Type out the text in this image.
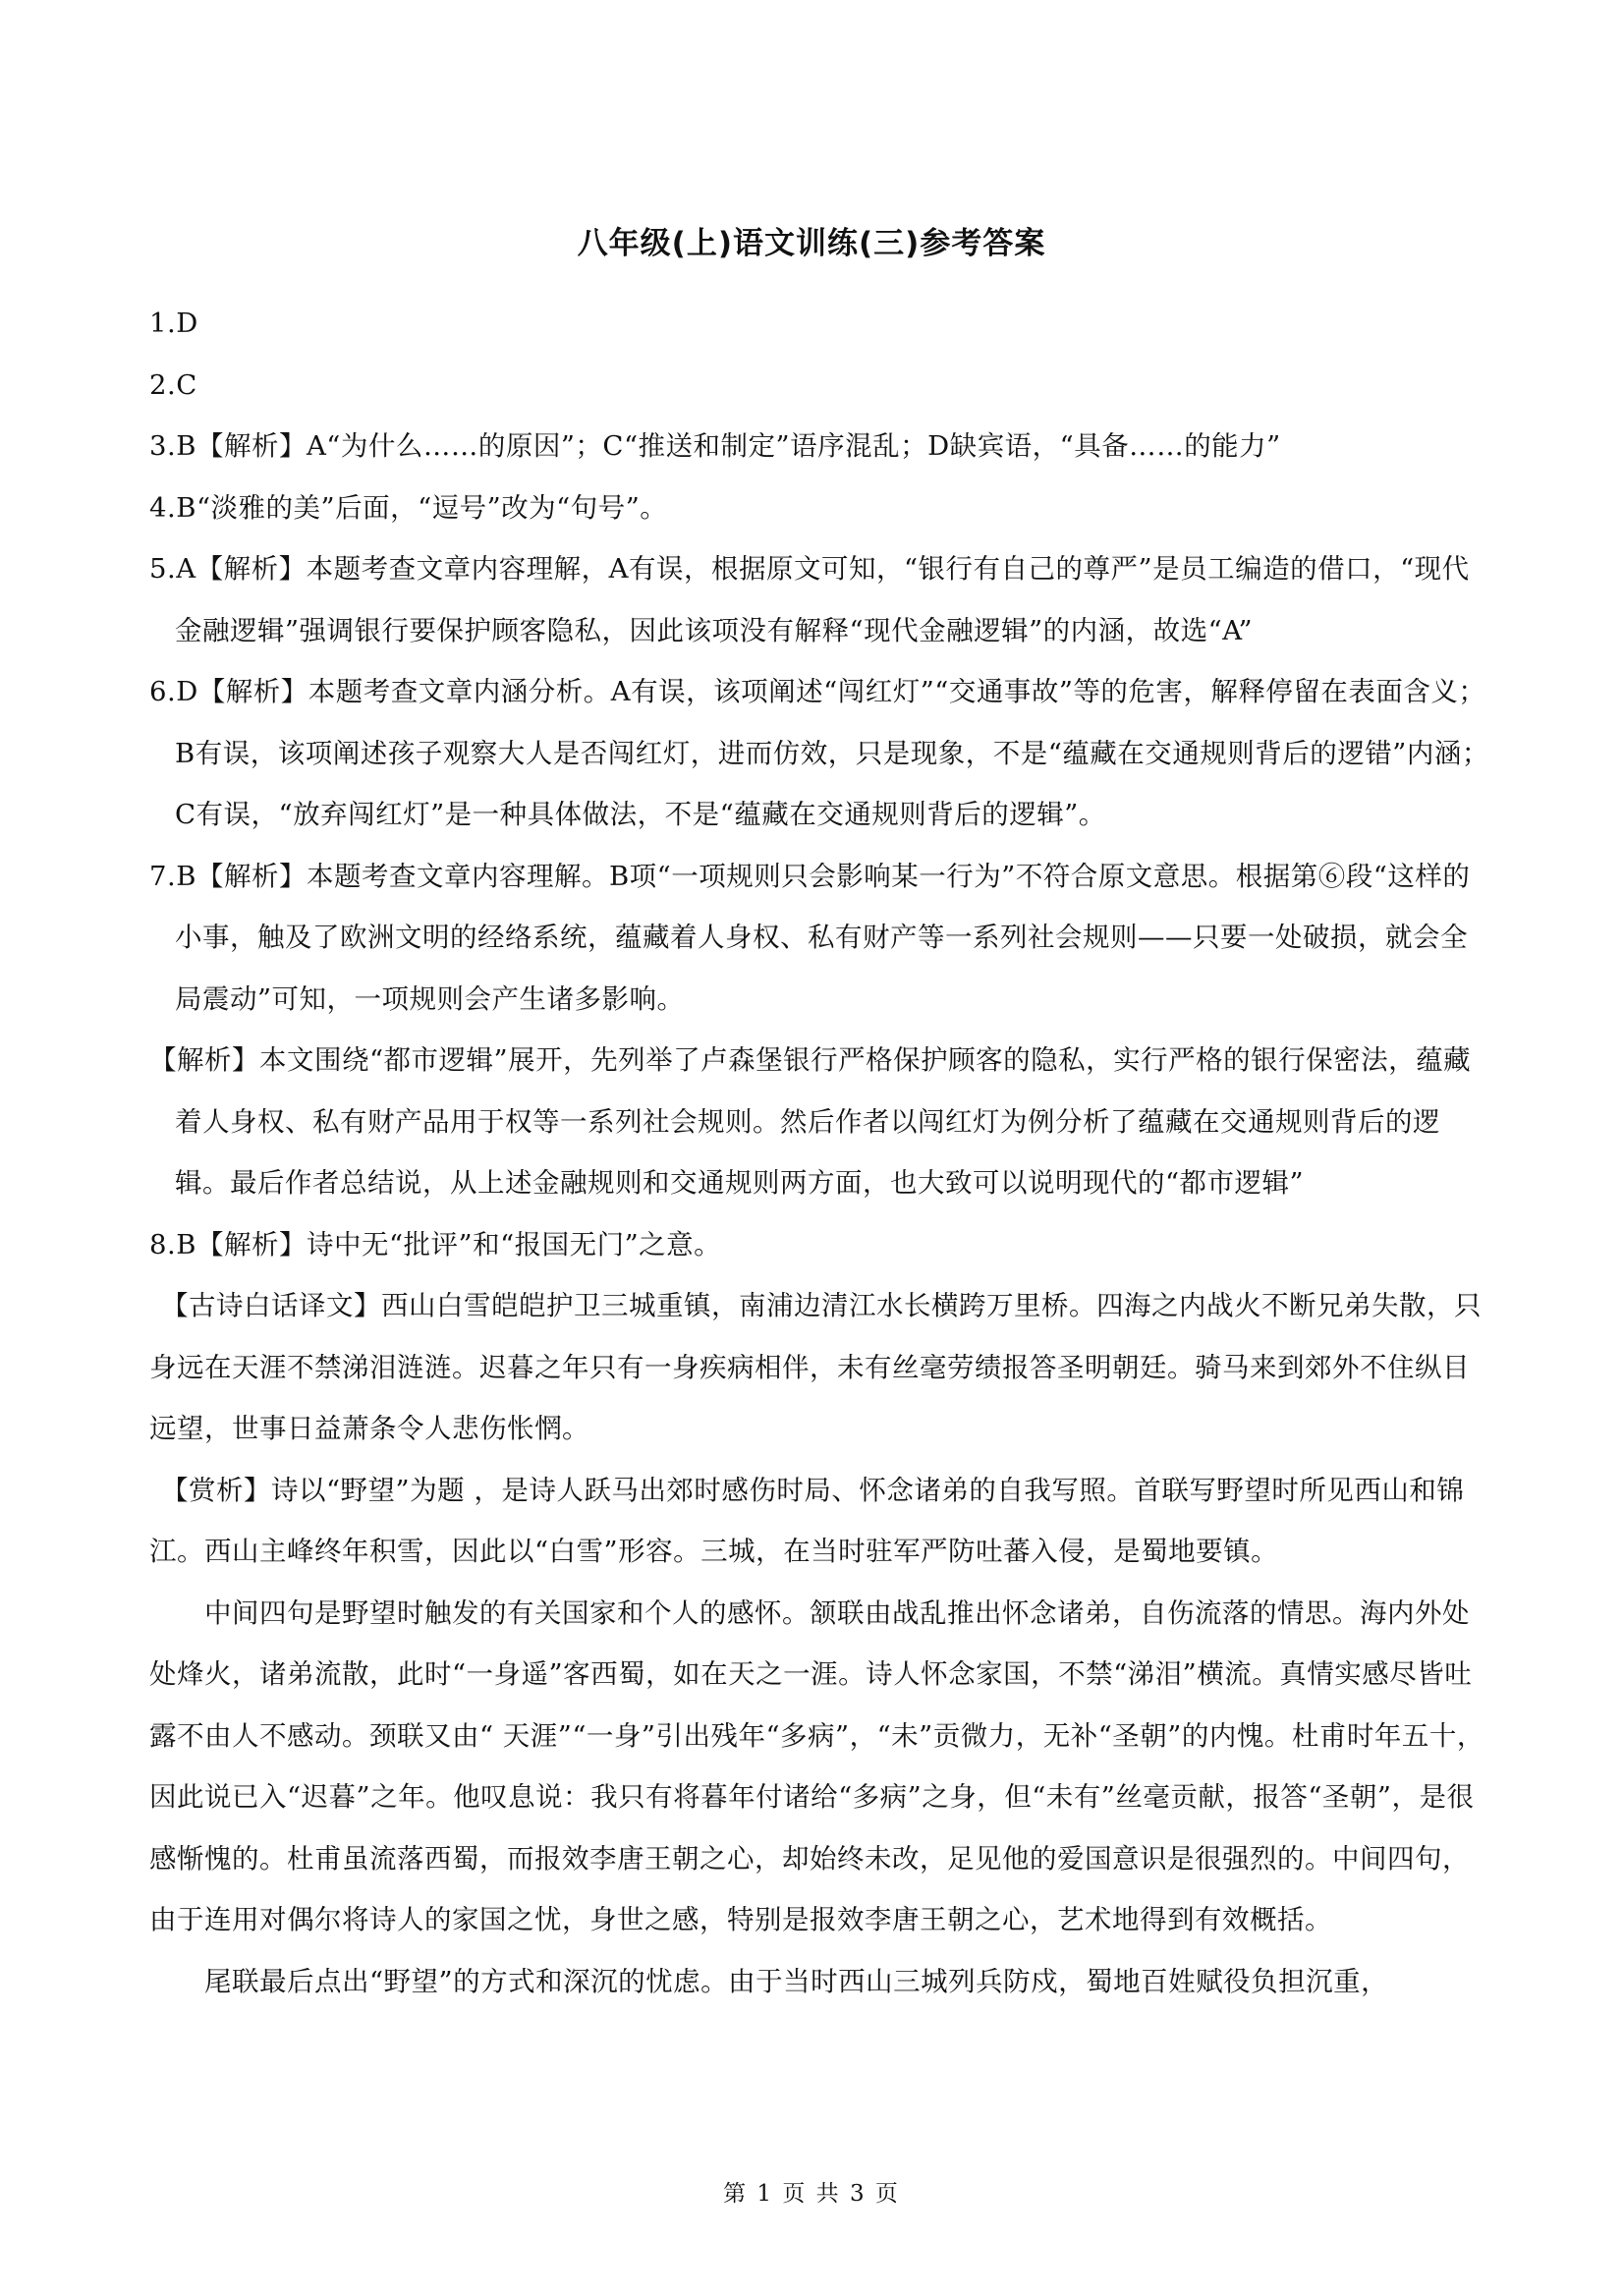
八年级(上)语文训练(三)参考答案

1.D

2.C

3.B【解析】A“为什么……的原因”；C“推送和制定”语序混乱；D缺宾语，“具备……的能力”

4.B“淡雅的美”后面，“逗号”改为“句号”。

5.A【解析】本题考查文章内容理解，A有误，根据原文可知，“银行有自己的尊严”是员工编造的借口，“现代金融逻辑”强调银行要保护顾客隐私，因此该项没有解释“现代金融逻辑”的内涵，故选“A”

6.D【解析】本题考查文章内涵分析。A有误，该项阐述“闯红灯”“交通事故”等的危害，解释停留在表面含义；B有误，该项阐述孩子观察大人是否闯红灯，进而仿效，只是现象，不是“蕴藏在交通规则背后的逻错”内涵；C有误，“放弃闯红灯”是一种具体做法，不是“蕴藏在交通规则背后的逻辑”。

7.B【解析】本题考查文章内容理解。B项“一项规则只会影响某一行为”不符合原文意思。根据第⑥段“这样的小事，触及了欧洲文明的经络系统，蕴藏着人身权、私有财产等一系列社会规则——只要一处破损，就会全局震动”可知，一项规则会产生诸多影响。

【解析】本文围绕“都市逻辑”展开，先列举了卢森堡银行严格保护顾客的隐私，实行严格的银行保密法，蕴藏着人身权、私有财产品用于权等一系列社会规则。然后作者以闯红灯为例分析了蕴藏在交通规则背后的逻辑。最后作者总结说，从上述金融规则和交通规则两方面，也大致可以说明现代的“都市逻辑”

8.B【解析】诗中无“批评”和“报国无门”之意。

【古诗白话译文】西山白雪皑皑护卫三城重镇，南浦边清江水长横跨万里桥。四海之内战火不断兄弟失散，只身远在天涯不禁涕泪涟涟。迟暮之年只有一身疾病相伴，未有丝毫劳绩报答圣明朝廷。骑马来到郊外不住纵目远望，世事日益萧条令人悲伤怅惘。

【赏析】诗以“野望”为题 ，是诗人跃马出郊时感伤时局、怀念诸弟的自我写照。首联写野望时所见西山和锦江。西山主峰终年积雪，因此以“白雪”形容。三城，在当时驻军严防吐蕃入侵，是蜀地要镇。

中间四句是野望时触发的有关国家和个人的感怀。颔联由战乱推出怀念诸弟，自伤流落的情思。海内外处处烽火，诸弟流散，此时“一身遥”客西蜀，如在天之一涯。诗人怀念家国，不禁“涕泪”横流。真情实感尽皆吐露不由人不感动。颈联又由“ 天涯”“一身”引出残年“多病”，“未”贡微力，无补“圣朝”的内愧。杜甫时年五十，因此说已入“迟暮”之年。他叹息说：我只有将暮年付诸给“多病”之身，但“未有”丝毫贡献，报答“圣朝”，是很感惭愧的。杜甫虽流落西蜀，而报效李唐王朝之心，却始终未改，足见他的爱国意识是很强烈的。中间四句，由于连用对偶尔将诗人的家国之忧，身世之感，特别是报效李唐王朝之心，艺术地得到有效概括。

尾联最后点出“野望”的方式和深沉的忧虑。由于当时西山三城列兵防戍，蜀地百姓赋役负担沉重，

第 1 页 共 3 页
